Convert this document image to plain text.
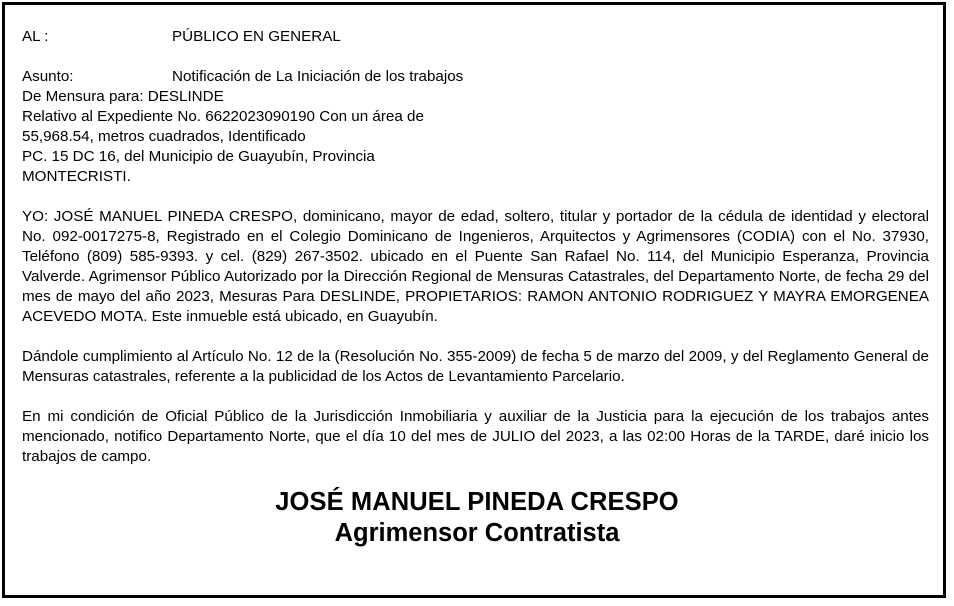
AL :	PÚBLICO EN GENERAL
Asunto:	Notificación de La Iniciación de los trabajos
De Mensura para: DESLINDE
Relativo al Expediente No. 6622023090190 Con un área de
55,968.54, metros cuadrados, Identificado
PC. 15 DC 16, del Municipio de Guayubín, Provincia
MONTECRISTI.

YO: JOSÉ MANUEL PINEDA CRESPO, dominicano, mayor de edad, soltero, titular y portador de la cédula de identidad y electoral No. 092-0017275-8, Registrado en el Colegio Dominicano de Ingenieros, Arquitectos y Agrimensores (CODIA) con el No. 37930, Teléfono (809) 585-9393. y cel. (829) 267-3502. ubicado en el Puente San Rafael No. 114, del Municipio Esperanza, Provincia Valverde. Agrimensor Público Autorizado por la Dirección Regional de Mensuras Catastrales, del Departamento Norte, de fecha 29 del mes de mayo del año 2023, Mesuras Para DESLINDE, PROPIETARIOS: RAMON ANTONIO RODRIGUEZ Y MAYRA EMORGENEA ACEVEDO MOTA. Este inmueble está ubicado, en Guayubín.

Dándole cumplimiento al Artículo No. 12 de la (Resolución No. 355-2009) de fecha 5 de marzo del 2009, y del Reglamento General de Mensuras catastrales, referente a la publicidad de los Actos de Levantamiento Parcelario.

En mi condición de Oficial Público de la Jurisdicción Inmobiliaria y auxiliar de la Justicia para la ejecución de los trabajos antes mencionado, notifico Departamento Norte, que el día 10 del mes de JULIO del 2023, a las 02:00 Horas de la TARDE, daré inicio los trabajos de campo.

JOSÉ MANUEL PINEDA CRESPO
Agrimensor Contratista
